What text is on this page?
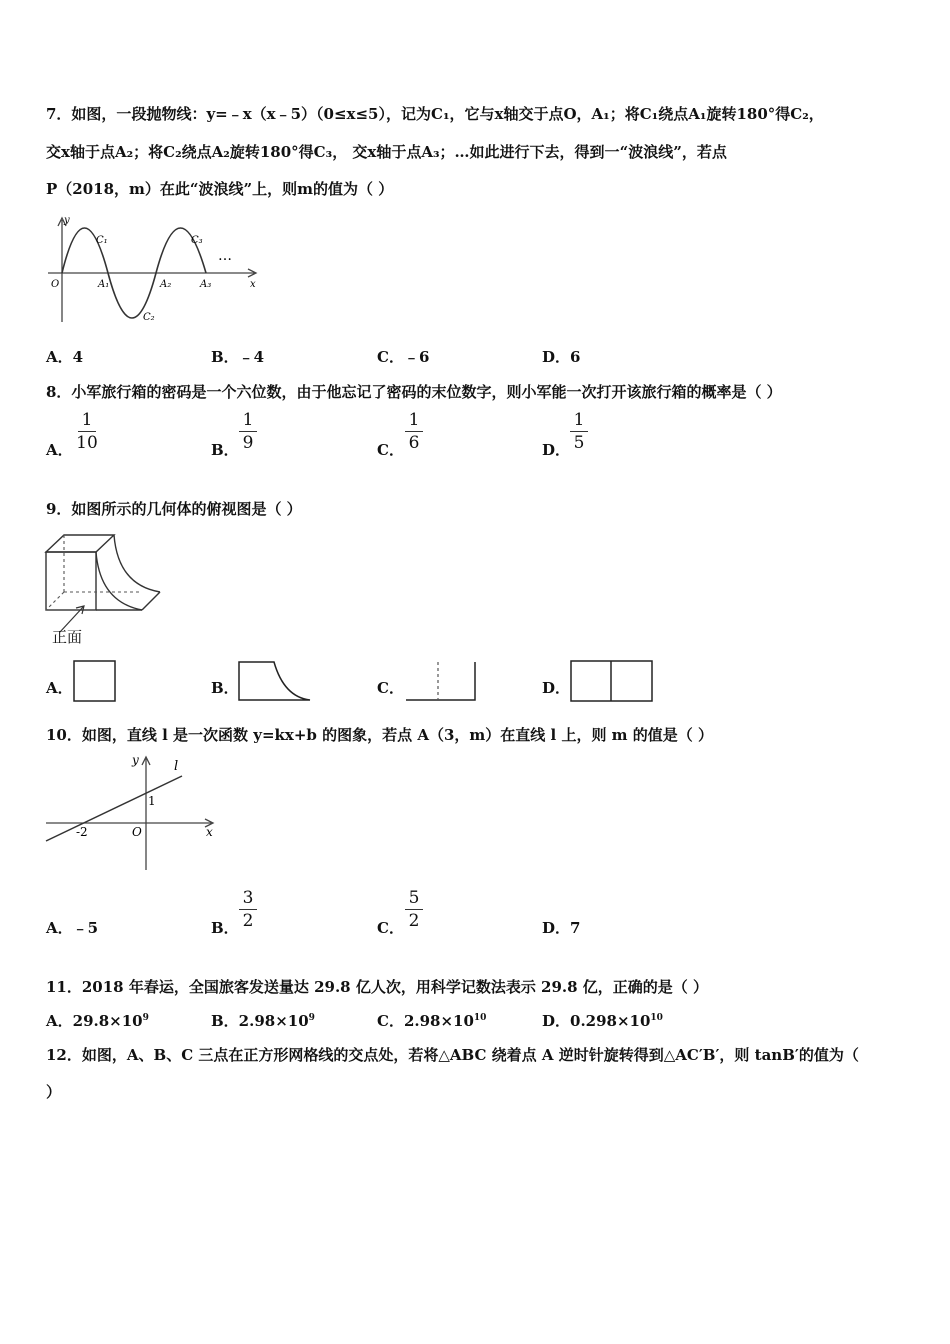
7．如图，一段抛物线：y=﹣x（x﹣5）（0≤x≤5），记为C₁，它与x轴交于点O，A₁；将C₁绕点A₁旋转180°得C₂，
交x轴于点A₂；将C₂绕点A₂旋转180°得C₃， 交x轴于点A₃；…如此进行下去，得到一“波浪线”，若点
P（2018，m）在此“波浪线”上，则m的值为（ ）
y
x
O	A₁	A₂	A₃
C₁
C₂
C₃
…
A．4	B．﹣4	C．﹣6	D．6
8．小军旅行箱的密码是一个六位数，由于他忘记了密码的末位数字，则小军能一次打开该旅行箱的概率是（ ）
A．
1
10	B．
1
9	C．
1
6	D．
1
5
9．如图所示的几何体的俯视图是（ ）
正面
A．	B．	C．	D．
10．如图，直线 l 是一次函数 y=kx+b 的图象，若点 A（3，m）在直线 l 上，则 m 的值是（ ）
y
x
l
1
-2	O
A．﹣5	B．
3
2	C．
5
2	D．7
11．2018 年春运，全国旅客发送量达 29.8 亿人次，用科学记数法表示 29.8 亿，正确的是（ ）
A．$29.8\times 10^9$	B．$2.98\times 10^9$	C．$2.98\times 10^{10}$	D．$0.298\times 10^{10}$
12．如图，A、B、C 三点在正方形网格线的交点处，若将△ABC 绕着点 A 逆时针旋转得到△AC′B′，则 tanB′的值为（
）
